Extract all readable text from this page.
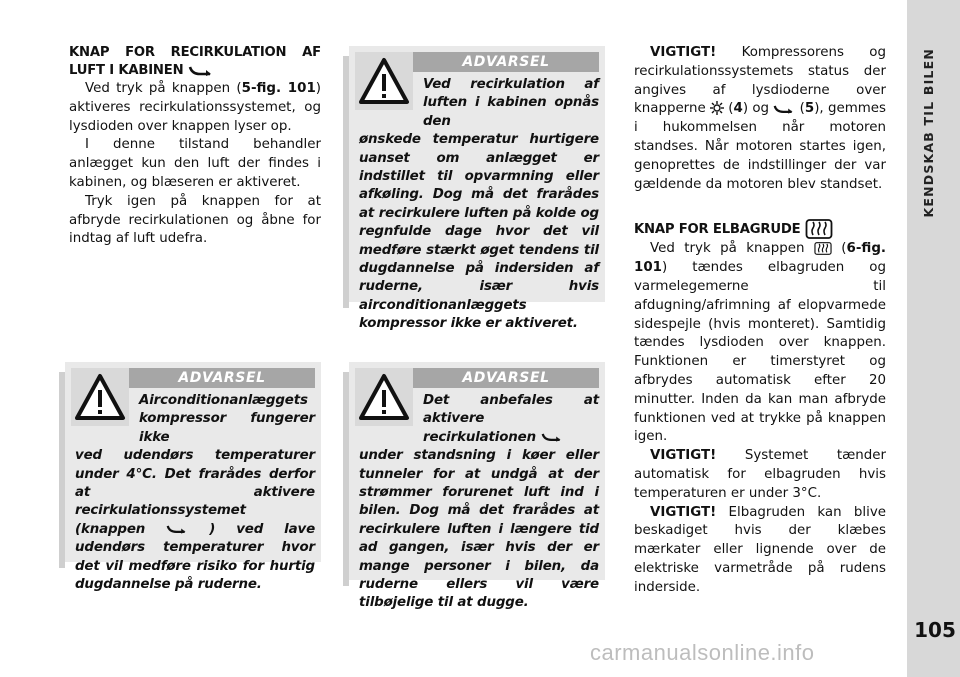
KNAP FOR RECIRKULATION AF LUFT I KABINEN

Ved tryk på knappen (5-fig. 101) aktiveres recirkulationssystemet, og lysdioden over knappen lyser op.

I denne tilstand behandler anlægget kun den luft der findes i kabinen, og blæseren er aktiveret.

Tryk igen på knappen for at afbryde recirkulationen og åbne for indtag af luft udefra.

ADVARSEL
Ved recirkulation af luften i kabinen opnås den
ønskede temperatur hurtigere uanset om anlægget er indstillet til opvarmning eller afkøling. Dog må det frarådes at recirkulere luften på kolde og regnfulde dage hvor det vil medføre stærkt øget tendens til dugdannelse på indersiden af ruderne, især hvis airconditionanlæggets kompressor ikke er aktiveret.
ADVARSEL
Airconditionanlæggets kompressor fungerer ikke
ved udendørs temperaturer under 4°C. Det frarådes derfor at aktivere recirkulationssystemet (knappen	) ved lave udendørs temperaturer hvor det vil medføre risiko for hurtig dugdannelse på ruderne.
ADVARSEL
Det anbefales at aktivere recirkulationen
under standsning i køer eller tunneler for at undgå at der strømmer forurenet luft ind i bilen. Dog må det frarådes at recirkulere luften i længere tid ad gangen, især hvis der er mange personer i bilen, da ruderne ellers vil være tilbøjelige til at dugge.

VIGTIGT! Kompressorens og recirkulationssystemets status der angives af lysdioderne over knapperne  (4) og  (5), gemmes i hukommelsen når motoren standses. Når motoren startes igen, genoprettes de indstillinger der var gældende da motoren blev standset.

KNAP FOR ELBAGRUDE

Ved tryk på knappen  (6-fig. 101) tændes elbagruden og varmelegemerne til afdugning/afrimning af elopvarmede sidespejle (hvis monteret). Samtidig tændes lysdioden over knappen. Funktionen er timerstyret og afbrydes automatisk efter 20 minutter. Inden da kan man afbryde funktionen ved at trykke på knappen igen.

VIGTIGT! Systemet tænder automatisk for elbagruden hvis temperaturen er under 3°C.

VIGTIGT! Elbagruden kan blive beskadiget hvis der klæbes mærkater eller lignende over de elektriske varmetråde på rudens inderside.

KENDSKAB TIL BILEN
105
carmanualsonline.info
